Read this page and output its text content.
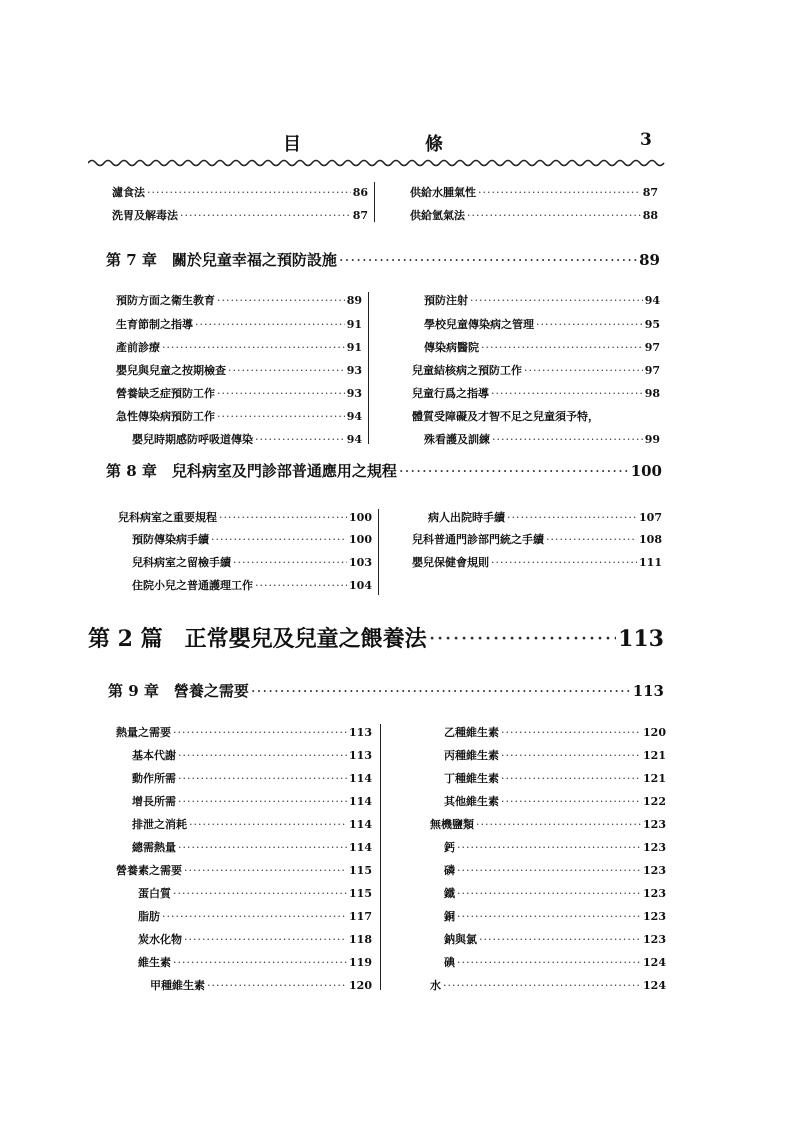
目	條	3
濾食法 ·····	86
洗胃及解毒法 ·····	87
供給水腫氣性 ·····	87
供給氫氣法 ·····	88
第 7 章　關於兒童幸福之預防設施 ·····	89
預防方面之衛生教育 ·····	89
生育節制之指導 ·····	91
產前診療 ·····	91
嬰兒與兒童之按期檢查 ·····	93
營養缺乏症預防工作 ·····	93
急性傳染病預防工作 ·····	94
嬰兒時期感防呼吸道傳染 ·····	94
預防注射 ·····	94
學校兒童傳染病之管理 ·····	95
傳染病醫院 ·····	97
兒童結核病之預防工作 ·····	97
兒童行爲之指導 ·····	98
體質受障礙及才智不足之兒童須予特，
殊看護及訓練 ·····	99
第 8 章　兒科病室及門診部普通應用之規程 ·····	100
兒科病室之重要規程 ·····	100
預防傳染病手續 ·····	100
兒科病室之留檢手續 ·····	103
住院小兒之普通護理工作 ·····	104
病人出院時手續 ·····	107
兒科普通門診部門統之手續 ·····	108
嬰兒保健會規則 ·····	111
第 2 篇　正常嬰兒及兒童之餵養法 ·····	113
第 9 章　營養之需要 ·····	113
熱量之需要 ·····	113
基本代謝 ·····	113
動作所需 ·····	114
增長所需 ·····	114
排泄之消耗 ·····	114
總需熱量 ·····	114
營養素之需要 ·····	115
蛋白質 ·····	115
脂肪 ·····	117
炭水化物 ·····	118
維生素 ·····	119
甲種維生素 ·····	120
乙種維生素 ·····	120
丙種維生素 ·····	121
丁種維生素 ·····	121
其他維生素 ·····	122
無機鹽類 ·····	123
鈣 ·····	123
磷 ·····	123
鐵 ·····	123
銅 ·····	123
鈉與氯 ·····	123
碘 ·····	124
水 ·····	124
